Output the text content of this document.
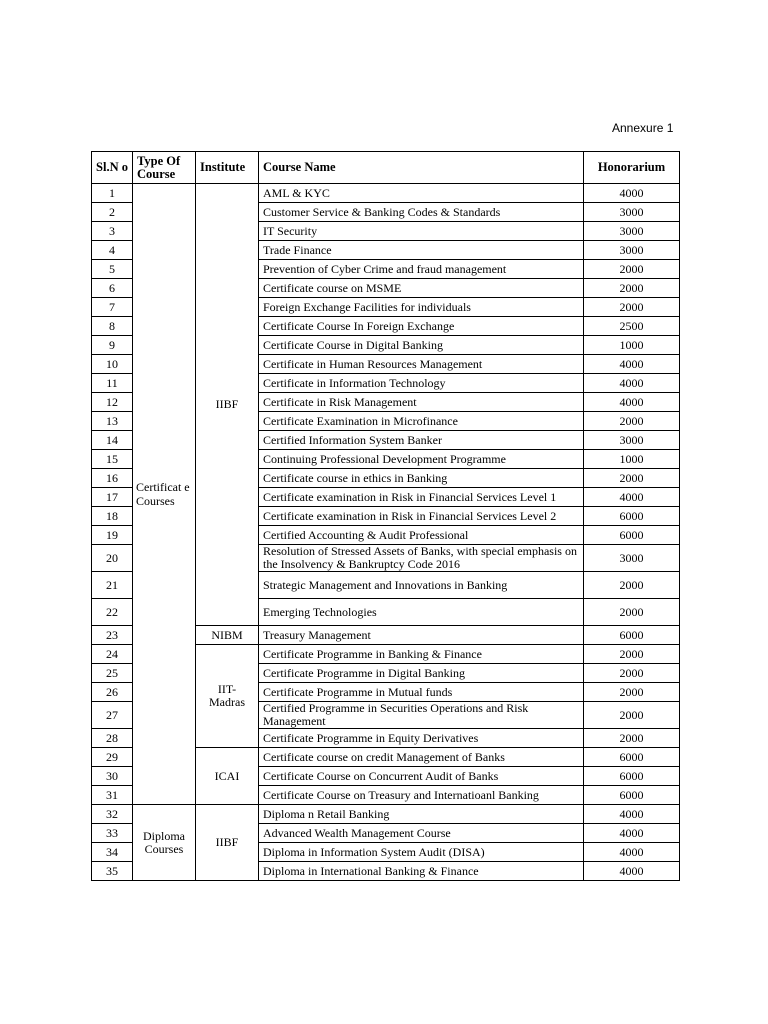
Annexure 1
Sl.N o	Type Of Course	Institute	Course Name	Honorarium
1	Certificat e Courses	IIBF	AML & KYC	4000
2			Customer Service & Banking Codes & Standards	3000
3			IT Security	3000
4			Trade Finance	3000
5			Prevention of Cyber Crime and fraud management	2000
6			Certificate course on MSME	2000
7			Foreign Exchange Facilities for individuals	2000
8			Certificate Course In Foreign Exchange	2500
9			Certificate Course in Digital Banking	1000
10			Certificate in Human Resources Management	4000
11			Certificate in Information Technology	4000
12			Certificate in Risk Management	4000
13			Certificate Examination in Microfinance	2000
14			Certified Information System Banker	3000
15			Continuing Professional Development Programme	1000
16			Certificate course in ethics in Banking	2000
17			Certificate examination in Risk in Financial Services Level 1	4000
18			Certificate examination in Risk in Financial Services Level 2	6000
19			Certified Accounting & Audit Professional	6000
20			Resolution of Stressed Assets of Banks, with special emphasis on the Insolvency & Bankruptcy Code 2016	3000
21			Strategic Management and Innovations in Banking	2000
22			Emerging Technologies	2000
23		NIBM	Treasury Management	6000
24		IIT-Madras	Certificate Programme in Banking & Finance	2000
25			Certificate Programme in Digital Banking	2000
26			Certificate Programme in Mutual funds	2000
27			Certified Programme in Securities Operations and Risk Management	2000
28			Certificate Programme in Equity Derivatives	2000
29		ICAI	Certificate course on credit Management of Banks	6000
30			Certificate Course on Concurrent Audit of Banks	6000
31			Certificate Course on Treasury and Internatioanl Banking	6000
32	Diploma Courses	IIBF	Diploma n Retail Banking	4000
33			Advanced Wealth Management Course	4000
34			Diploma in Information System Audit (DISA)	4000
35			Diploma in International Banking & Finance	4000
